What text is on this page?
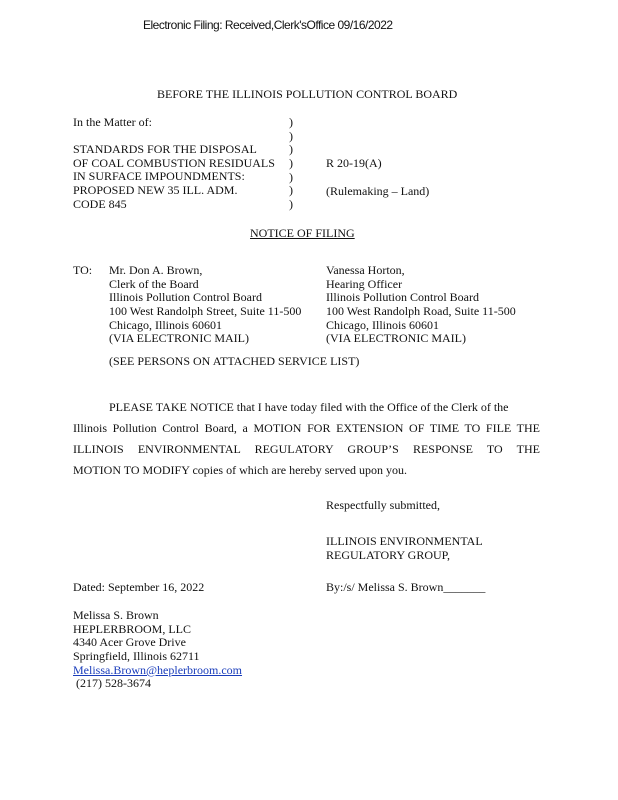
Electronic Filing: Received,Clerk'sOffice 09/16/2022
BEFORE THE ILLINOIS POLLUTION CONTROL BOARD
In the Matter of:
STANDARDS FOR THE DISPOSAL
OF COAL COMBUSTION RESIDUALS
IN SURFACE IMPOUNDMENTS:
PROPOSED NEW 35 ILL. ADM.
CODE 845
)
)
)
)
)
)
)
R 20-19(A)
(Rulemaking – Land)
NOTICE OF FILING
TO: Mr. Don A. Brown,
Clerk of the Board
Illinois Pollution Control Board
100 West Randolph Street, Suite 11-500
Chicago, Illinois 60601
(VIA ELECTRONIC MAIL)
Vanessa Horton,
Hearing Officer
Illinois Pollution Control Board
100 West Randolph Road, Suite 11-500
Chicago, Illinois 60601
(VIA ELECTRONIC MAIL)
(SEE PERSONS ON ATTACHED SERVICE LIST)
PLEASE TAKE NOTICE that I have today filed with the Office of the Clerk of the
Illinois Pollution Control Board, a MOTION FOR EXTENSION OF TIME TO FILE THE
ILLINOIS ENVIRONMENTAL REGULATORY GROUP’S RESPONSE TO THE
MOTION TO MODIFY copies of which are hereby served upon you.
Respectfully submitted,
ILLINOIS ENVIRONMENTAL
REGULATORY GROUP,
Dated: September 16, 2022	By:/s/ Melissa S. Brown_______
Melissa S. Brown
HEPLERBROOM, LLC
4340 Acer Grove Drive
Springfield, Illinois 62711
Melissa.Brown@heplerbroom.com
(217) 528-3674
